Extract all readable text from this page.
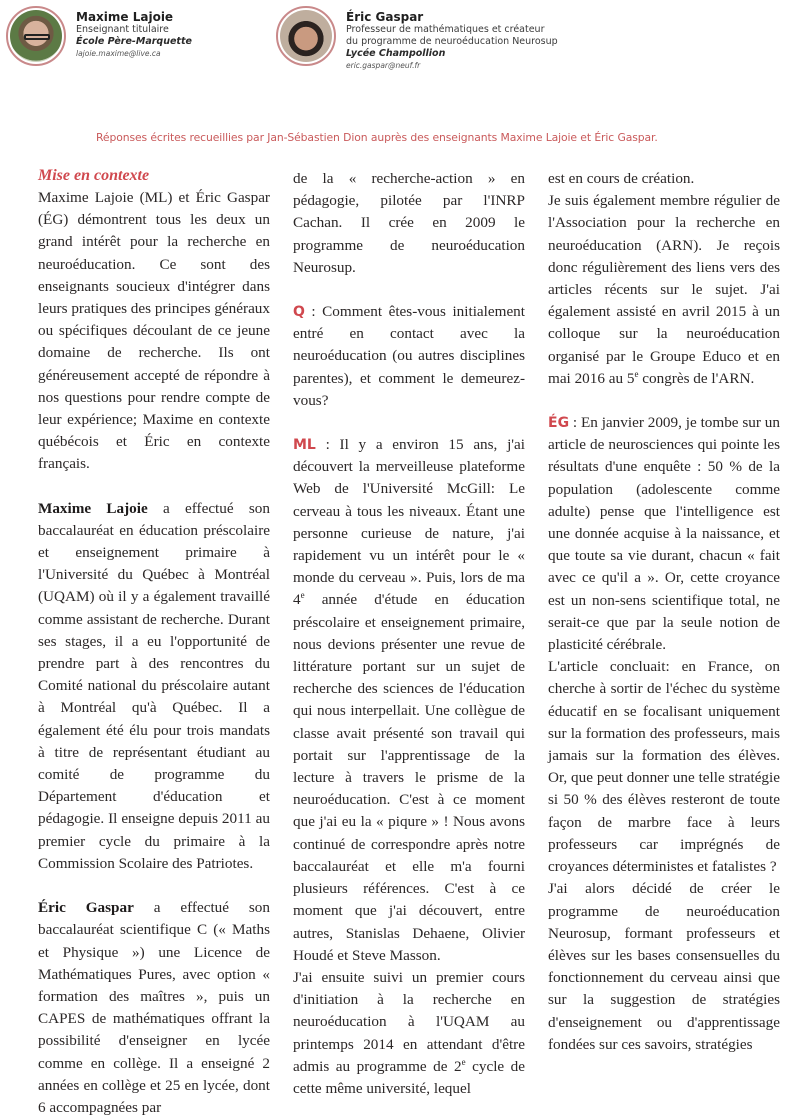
Maxime Lajoie
Enseignant titulaire
École Père-Marquette
lajoie.maxime@live.ca
Éric Gaspar
Professeur de mathématiques et créateur
du programme de neuroéducation Neurosup
Lycée Champollion
eric.gaspar@neuf.fr
Réponses écrites recueillies par Jan-Sébastien Dion auprès des enseignants Maxime Lajoie et Éric Gaspar.
Mise en contexte

Maxime Lajoie (ML) et Éric Gaspar (ÉG) démontrent tous les deux un grand intérêt pour la recherche en neuroéducation. Ce sont des enseignants soucieux d'intégrer dans leurs pratiques des principes généraux ou spécifiques découlant de ce jeune domaine de recherche. Ils ont généreusement accepté de répondre à nos questions pour rendre compte de leur expérience; Maxime en contexte québécois et Éric en contexte français.

Maxime Lajoie a effectué son baccalauréat en éducation préscolaire et enseignement primaire à l'Université du Québec à Montréal (UQAM) où il y a également travaillé comme assistant de recherche. Durant ses stages, il a eu l'opportunité de prendre part à des rencontres du Comité national du préscolaire autant à Montréal qu'à Québec. Il a également été élu pour trois mandats à titre de représentant étudiant au comité de programme du Département d'éducation et pédagogie. Il enseigne depuis 2011 au premier cycle du primaire à la Commission Scolaire des Patriotes.

Éric Gaspar a effectué son baccalauréat scientifique C (« Maths et Physique ») une Licence de Mathématiques Pures, avec option « formation des maîtres », puis un CAPES de mathématiques offrant la possibilité d'enseigner en lycée comme en collège. Il a enseigné 2 années en collège et 25 en lycée, dont 6 accompagnées par

de la « recherche-action » en pédagogie, pilotée par l'INRP Cachan. Il crée en 2009 le programme de neuroéducation Neurosup.

Q : Comment êtes-vous initialement entré en contact avec la neuroéducation (ou autres disciplines parentes), et comment le demeurez-vous?

ML : Il y a environ 15 ans, j'ai découvert la merveilleuse plateforme Web de l'Université McGill: Le cerveau à tous les niveaux. Étant une personne curieuse de nature, j'ai rapidement vu un intérêt pour le « monde du cerveau ». Puis, lors de ma 4e année d'étude en éducation préscolaire et enseignement primaire, nous devions présenter une revue de littérature portant sur un sujet de recherche des sciences de l'éducation qui nous interpellait. Une collègue de classe avait présenté son travail qui portait sur l'apprentissage de la lecture à travers le prisme de la neuroéducation. C'est à ce moment que j'ai eu la « piqure » ! Nous avons continué de correspondre après notre baccalauréat et elle m'a fourni plusieurs références. C'est à ce moment que j'ai découvert, entre autres, Stanislas Dehaene, Olivier Houdé et Steve Masson.

J'ai ensuite suivi un premier cours d'initiation à la recherche en neuroéducation à l'UQAM au printemps 2014 en attendant d'être admis au programme de 2e cycle de cette même université, lequel

est en cours de création.

Je suis également membre régulier de l'Association pour la recherche en neuroéducation (ARN). Je reçois donc régulièrement des liens vers des articles récents sur le sujet. J'ai également assisté en avril 2015 à un colloque sur la neuroéducation organisé par le Groupe Educo et en mai 2016 au 5e congrès de l'ARN.

ÉG : En janvier 2009, je tombe sur un article de neurosciences qui pointe les résultats d'une enquête : 50 % de la population (adolescente comme adulte) pense que l'intelligence est une donnée acquise à la naissance, et que toute sa vie durant, chacun « fait avec ce qu'il a ». Or, cette croyance est un non-sens scientifique total, ne serait-ce que par la seule notion de plasticité cérébrale.

L'article concluait: en France, on cherche à sortir de l'échec du système éducatif en se focalisant uniquement sur la formation des professeurs, mais jamais sur la formation des élèves. Or, que peut donner une telle stratégie si 50 % des élèves resteront de toute façon de marbre face à leurs professeurs car imprégnés de croyances déterministes et fatalistes ?

J'ai alors décidé de créer le programme de neuroéducation Neurosup, formant professeurs et élèves sur les bases consensuelles du fonctionnement du cerveau ainsi que sur la suggestion de stratégies d'enseignement ou d'apprentissage fondées sur ces savoirs, stratégies
